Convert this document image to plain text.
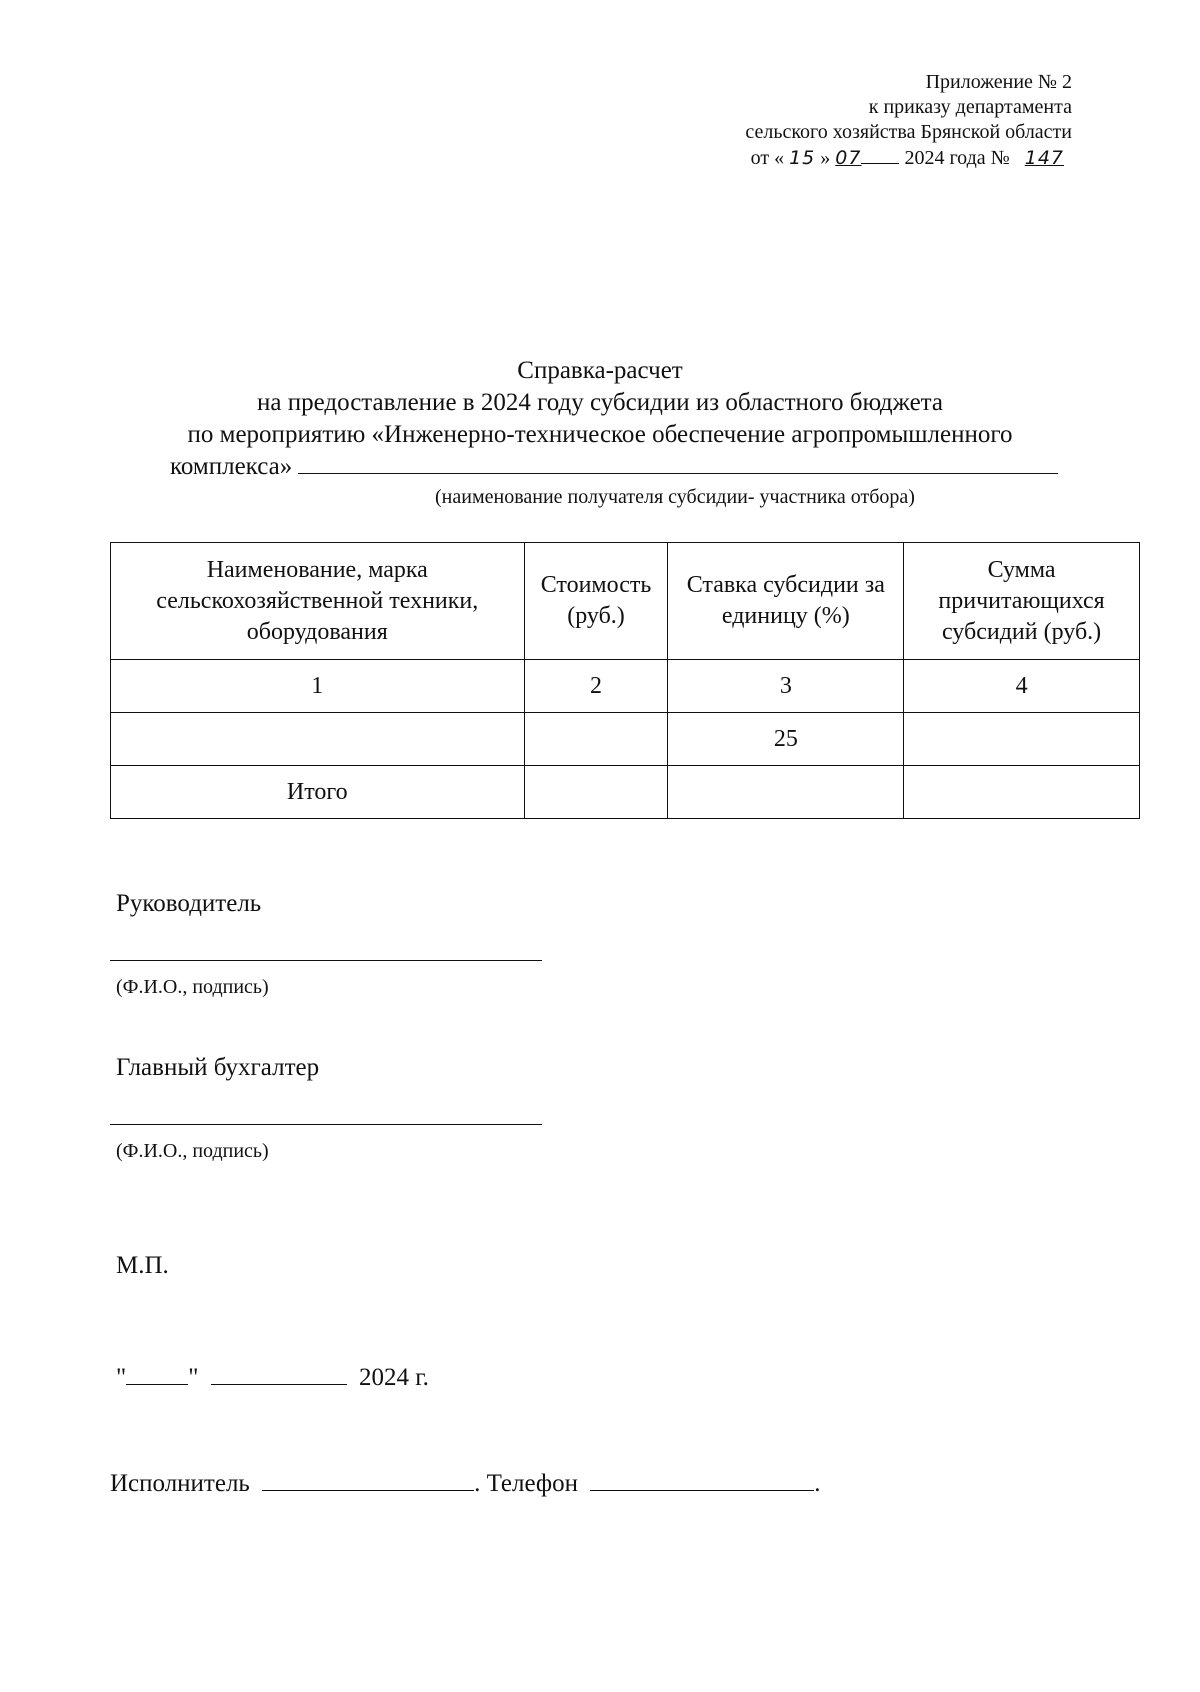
Приложение № 2
к приказу департамента
сельского хозяйства Брянской области
от « 15 » 07 2024 года № 147
Справка-расчет
на предоставление в 2024 году субсидии из областного бюджета
по мероприятию «Инженерно-техническое обеспечение агропромышленного
комплекса»
(наименование получателя субсидии- участника отбора)
Наименование, марка сельскохозяйственной техники, оборудования	Стоимость (руб.)	Ставка субсидии за единицу (%)	Сумма причитающихся субсидий (руб.)
1	2	3	4
		25	
Итого			
Руководитель
(Ф.И.О., подпись)
Главный бухгалтер
(Ф.И.О., подпись)
М.П.
" "	2024 г.
Исполнитель	. Телефон	.
